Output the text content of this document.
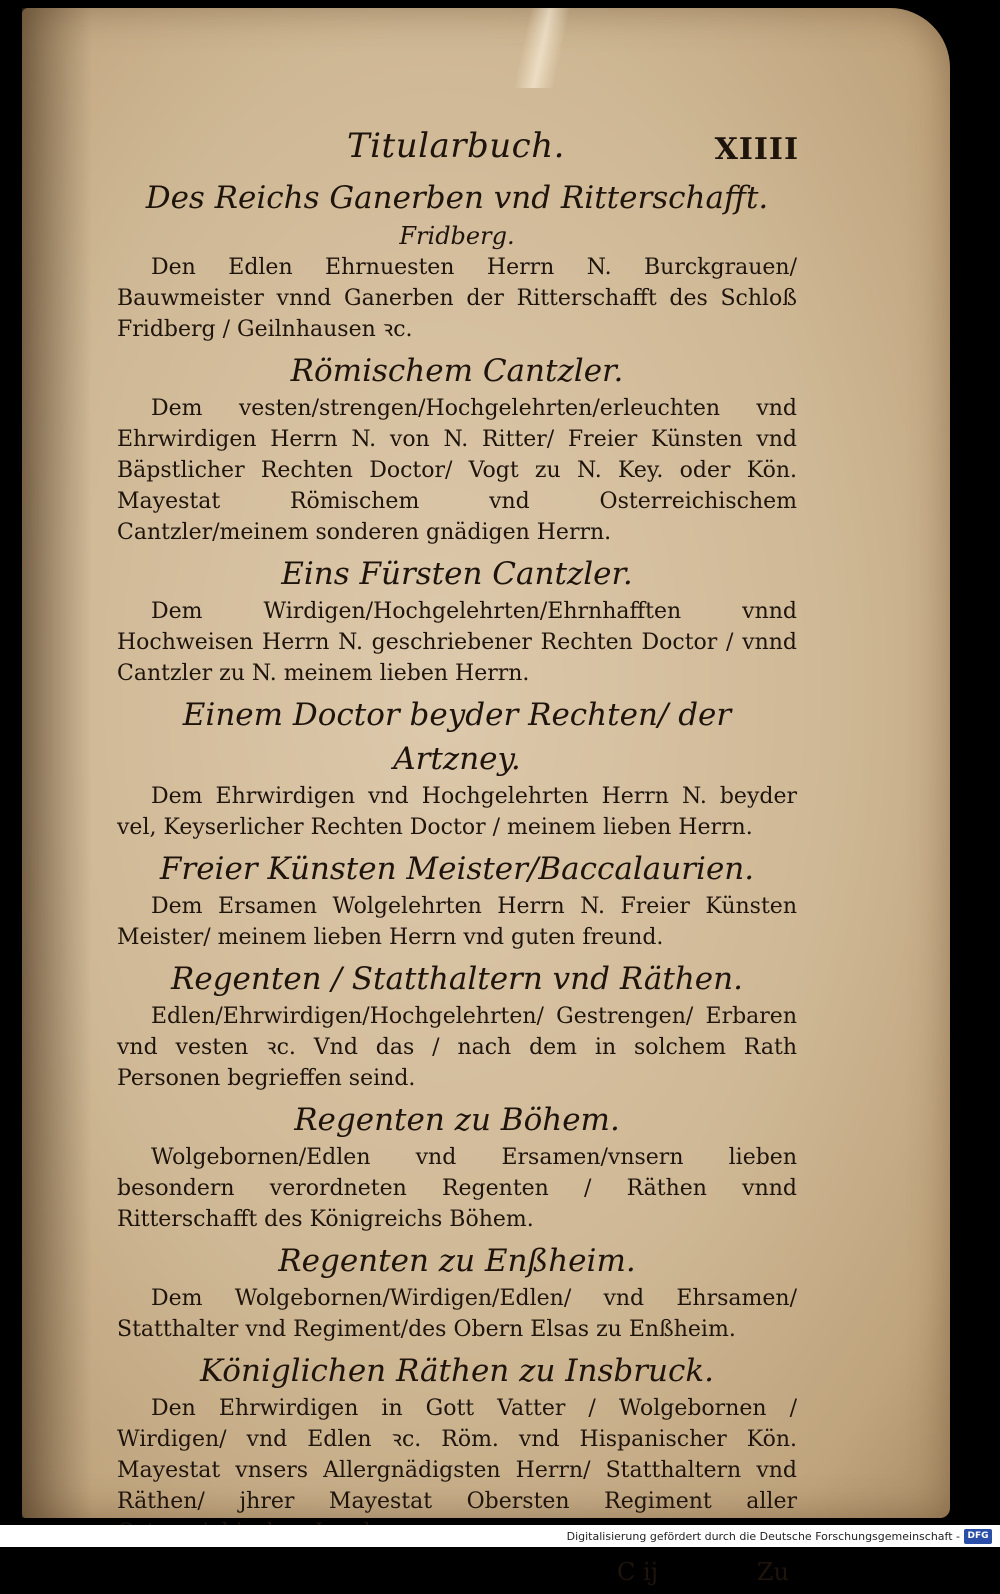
Titularbuch.	XIIII
Des Reichs Ganerben vnd Ritterschafft.
Fridberg.

Den Edlen Ehrnuesten Herrn N. Burckgrauen/ Bauwmeister vnnd Ganerben der Ritterschafft des Schloß Fridberg / Geilnhausen ꝛc.

Römischem Cantzler.

Dem vesten/strengen/Hochgelehrten/erleuchten vnd Ehrwirdigen Herrn N. von N. Ritter/ Freier Künsten vnd Bäpstlicher Rechten Doctor/ Vogt zu N. Key. oder Kön. Mayestat Römischem vnd Osterreichischem Cantzler/meinem sonderen gnädigen Herrn.

Eins Fürsten Cantzler.

Dem Wirdigen/Hochgelehrten/Ehrnhafften vnnd Hochweisen Herrn N. geschriebener Rechten Doctor / vnnd Cantzler zu N. meinem lieben Herrn.

Einem Doctor beyder Rechten/ der Artzney.

Dem Ehrwirdigen vnd Hochgelehrten Herrn N. beyder vel, Keyserlicher Rechten Doctor / meinem lieben Herrn.

Freier Künsten Meister/Baccalaurien.

Dem Ersamen Wolgelehrten Herrn N. Freier Künsten Meister/ meinem lieben Herrn vnd guten freund.

Regenten / Statthaltern vnd Räthen.

Edlen/Ehrwirdigen/Hochgelehrten/ Gestrengen/ Erbaren vnd vesten ꝛc. Vnd das / nach dem in solchem Rath Personen begrieffen seind.

Regenten zu Böhem.

Wolgebornen/Edlen vnd Ersamen/vnsern lieben besondern verordneten Regenten / Räthen vnnd Ritterschafft des Königreichs Böhem.

Regenten zu Enßheim.

Dem Wolgebornen/Wirdigen/Edlen/ vnd Ehrsamen/ Statthalter vnd Regiment/des Obern Elsas zu Enßheim.

Königlichen Räthen zu Insbruck.

Den Ehrwirdigen in Gott Vatter / Wolgebornen / Wirdigen/ vnd Edlen ꝛc. Röm. vnd Hispanischer Kön. Mayestat vnsers Allergnädigsten Herrn/ Statthaltern vnd Räthen/ jhrer Mayestat Obersten Regiment aller

C ij	Zu
Digitalisierung gefördert durch die Deutsche Forschungsgemeinschaft - DFG
